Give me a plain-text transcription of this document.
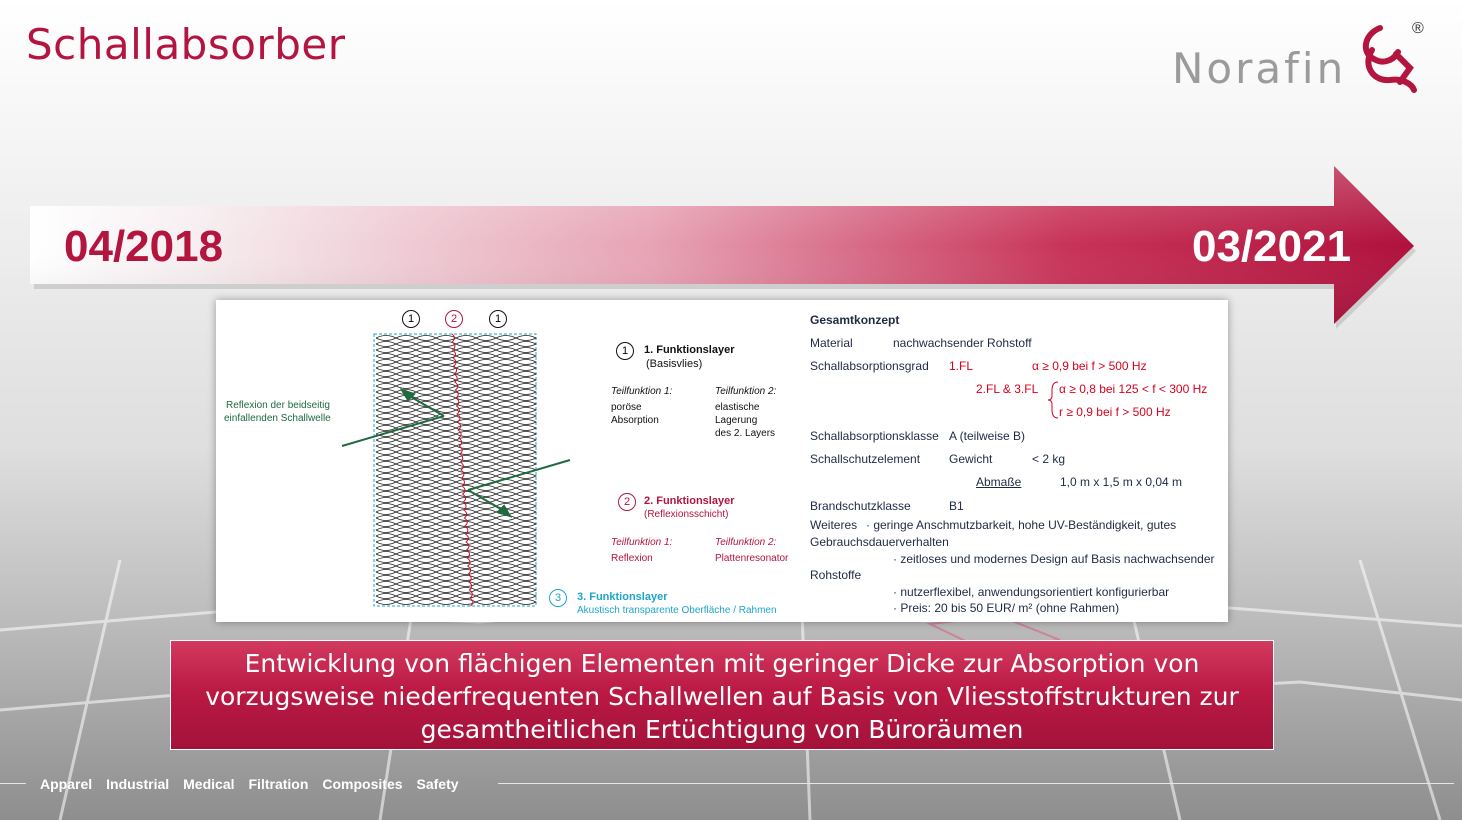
Schallabsorber	Norafin
®
04/2018	03/2021
1	2	1
Reflexion der beidseitig
einfallenden Schallwelle
1	1. Funktionslayer
(Basisvlies)
Teilfunktion 1:
poröse
Absorption
Teilfunktion 2:
elastische
Lagerung
des 2. Layers
2	2. Funktionslayer
(Reflexionsschicht)
Teilfunktion 1:
Reflexion
Teilfunktion 2:
Plattenresonator
3	3. Funktionslayer
Akustisch transparente Oberfläche / Rahmen
Gesamtkonzept
Material	nachwachsender Rohstoff
Schallabsorptionsgrad 1.FL	α ≥ 0,9 bei f > 500 Hz
2.FL & 3.FL α ≥ 0,8 bei 125 < f < 300 Hz
r ≥ 0,9 bei f > 500 Hz
Schallabsorptionsklasse A (teilweise B)
Schallschutzelement Gewicht	< 2 kg
Abmaße	1,0 m x 1,5 m x 0,04 m
Brandschutzklasse	B1
Weiteres · geringe Anschmutzbarkeit, hohe UV-Beständigkeit, gutes
Gebrauchsdauerverhalten
· zeitloses und modernes Design auf Basis nachwachsender
Rohstoffe
· nutzerflexibel, anwendungsorientiert konfigurierbar
· Preis: 20 bis 50 EUR/ m² (ohne Rahmen)
Entwicklung von flächigen Elementen mit geringer Dicke zur Absorption von
vorzugsweise niederfrequenten Schallwellen auf Basis von Vliesstoffstrukturen zur
gesamtheitlichen Ertüchtigung von Büroräumen
Apparel Industrial Medical Filtration Composites Safety
